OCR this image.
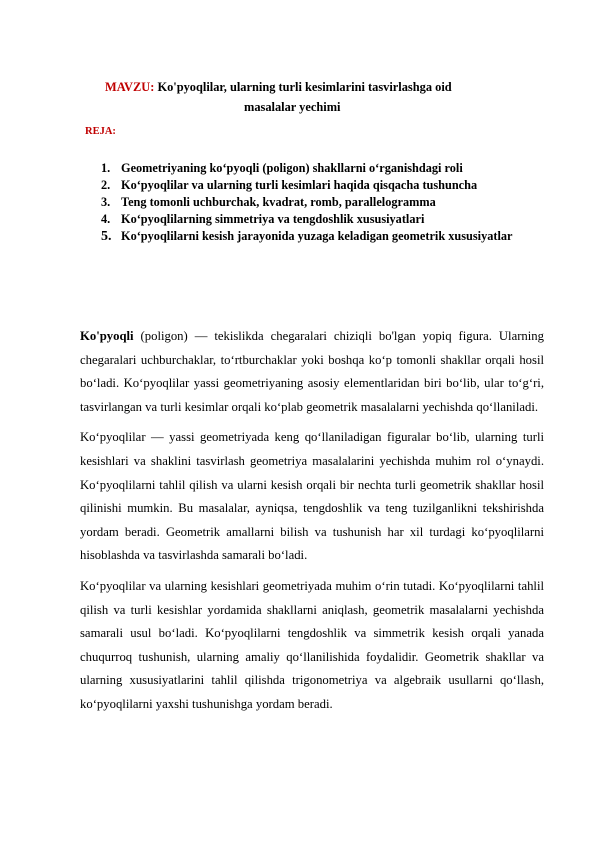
MAVZU: Ko'pyoqlilar, ularning turli kesimlarini tasvirlashga oid
masalalar yechimi
REJA:
1. Geometriyaning ko‘pyoqli (poligon) shakllarni o‘rganishdagi roli
2. Ko‘pyoqlilar va ularning turli kesimlari haqida qisqacha tushuncha
3. Teng tomonli uchburchak, kvadrat, romb, parallelogramma
4. Ko‘pyoqlilarning simmetriya va tengdoshlik xususiyatlari
5. Ko‘pyoqlilarni kesish jarayonida yuzaga keladigan geometrik xususiyatlar

Ko'pyoqli (poligon) — tekislikda chegaralari chiziqli bo'lgan yopiq figura. Ularning chegaralari uchburchaklar, to‘rtburchaklar yoki boshqa ko‘p tomonli shakllar orqali hosil bo‘ladi. Ko‘pyoqlilar yassi geometriyaning asosiy elementlaridan biri bo‘lib, ular to‘g‘ri, tasvirlangan va turli kesimlar orqali ko‘plab geometrik masalalarni yechishda qo‘llaniladi.

Ko‘pyoqlilar — yassi geometriyada keng qo‘llaniladigan figuralar bo‘lib, ularning turli kesishlari va shaklini tasvirlash geometriya masalalarini yechishda muhim rol o‘ynaydi. Ko‘pyoqlilarni tahlil qilish va ularni kesish orqali bir nechta turli geometrik shakllar hosil qilinishi mumkin. Bu masalalar, ayniqsa, tengdoshlik va teng tuzilganlikni tekshirishda yordam beradi. Geometrik amallarni bilish va tushunish har xil turdagi ko‘pyoqlilarni hisoblashda va tasvirlashda samarali bo‘ladi.

Ko‘pyoqlilar va ularning kesishlari geometriyada muhim o‘rin tutadi. Ko‘pyoqlilarni tahlil qilish va turli kesishlar yordamida shakllarni aniqlash, geometrik masalalarni yechishda samarali usul bo‘ladi. Ko‘pyoqlilarni tengdoshlik va simmetrik kesish orqali yanada chuqurroq tushunish, ularning amaliy qo‘llanilishida foydalidir. Geometrik shakllar va ularning xususiyatlarini tahlil qilishda trigonometriya va algebraik usullarni qo‘llash, ko‘pyoqlilarni yaxshi tushunishga yordam beradi.
